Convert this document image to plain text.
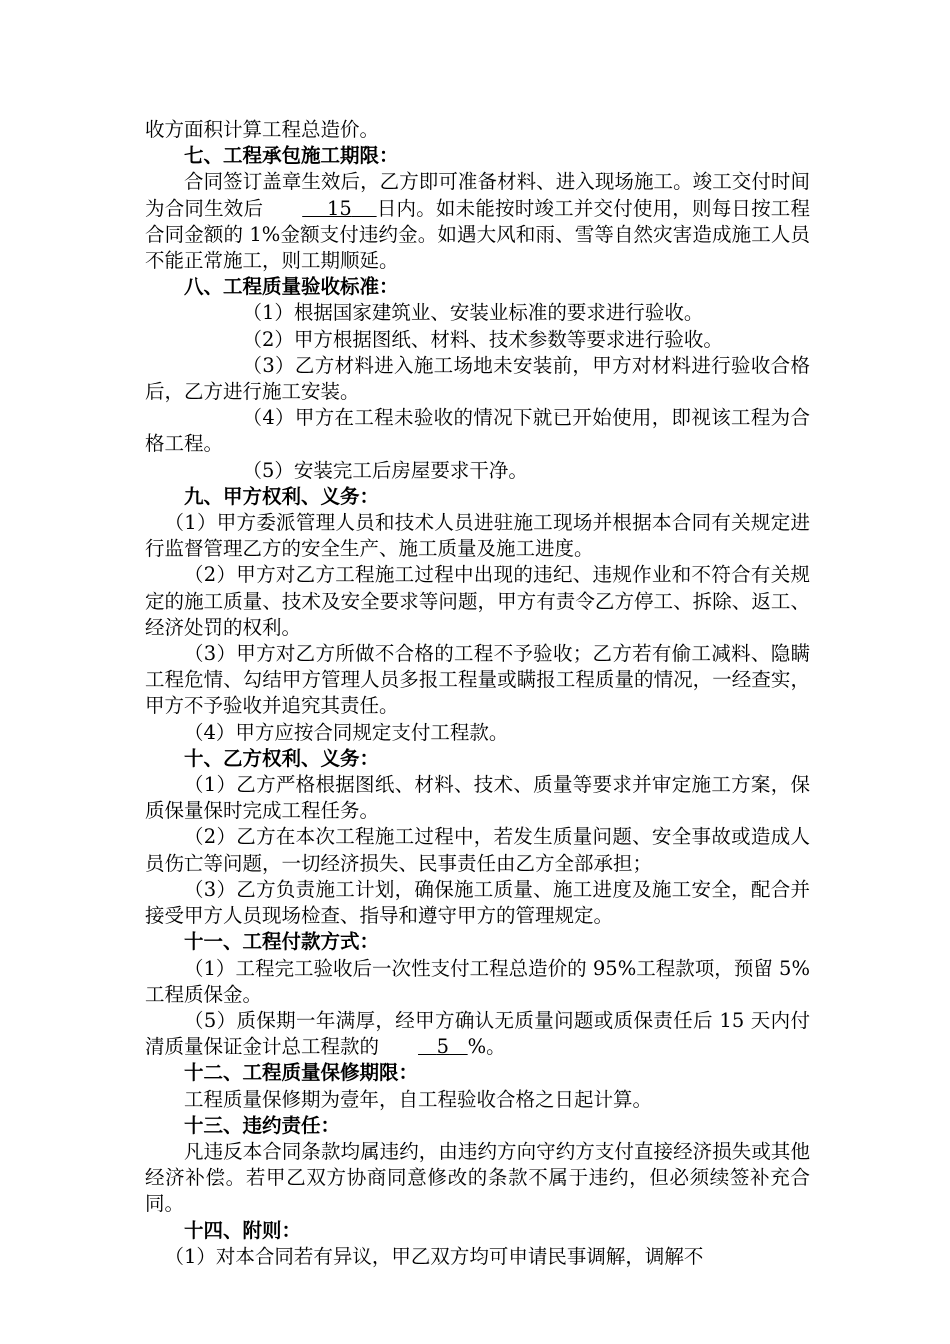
收方面积计算工程总造价。

七、工程承包施工期限：

合同签订盖章生效后，乙方即可准备材料、进入现场施工。竣工交付时间为合同生效后	15 日内。如未能按时竣工并交付使用，则每日按工程合同金额的 1%金额支付违约金。如遇大风和雨、雪等自然灾害造成施工人员不能正常施工，则工期顺延。

八、工程质量验收标准：

（1）根据国家建筑业、安装业标准的要求进行验收。

（2）甲方根据图纸、材料、技术参数等要求进行验收。

（3）乙方材料进入施工场地未安装前，甲方对材料进行验收合格后，乙方进行施工安装。

（4）甲方在工程未验收的情况下就已开始使用，即视该工程为合格工程。

（5）安装完工后房屋要求干净。

九、甲方权利、义务：

（1）甲方委派管理人员和技术人员进驻施工现场并根据本合同有关规定进行监督管理乙方的安全生产、施工质量及施工进度。

（2）甲方对乙方工程施工过程中出现的违纪、违规作业和不符合有关规定的施工质量、技术及安全要求等问题，甲方有责令乙方停工、拆除、返工、经济处罚的权利。

（3）甲方对乙方所做不合格的工程不予验收；乙方若有偷工减料、隐瞒工程危情、勾结甲方管理人员多报工程量或瞒报工程质量的情况，一经查实，甲方不予验收并追究其责任。

（4）甲方应按合同规定支付工程款。

十、乙方权利、义务：

（1）乙方严格根据图纸、材料、技术、质量等要求并审定施工方案，保质保量保时完成工程任务。

（2）乙方在本次工程施工过程中，若发生质量问题、安全事故或造成人员伤亡等问题，一切经济损失、民事责任由乙方全部承担；

（3）乙方负责施工计划，确保施工质量、施工进度及施工安全，配合并接受甲方人员现场检查、指导和遵守甲方的管理规定。

十一、工程付款方式：

（1）工程完工验收后一次性支付工程总造价的 95%工程款项，预留 5%工程质保金。

（5）质保期一年满厚，经甲方确认无质量问题或质保责任后 15 天内付清质量保证金计总工程款的	5 %。

十二、工程质量保修期限：

工程质量保修期为壹年，自工程验收合格之日起计算。

十三、违约责任：

凡违反本合同条款均属违约，由违约方向守约方支付直接经济损失或其他经济补偿。若甲乙双方协商同意修改的条款不属于违约，但必须续签补充合同。

十四、附则：

（1）对本合同若有异议，甲乙双方均可申请民事调解，调解不
